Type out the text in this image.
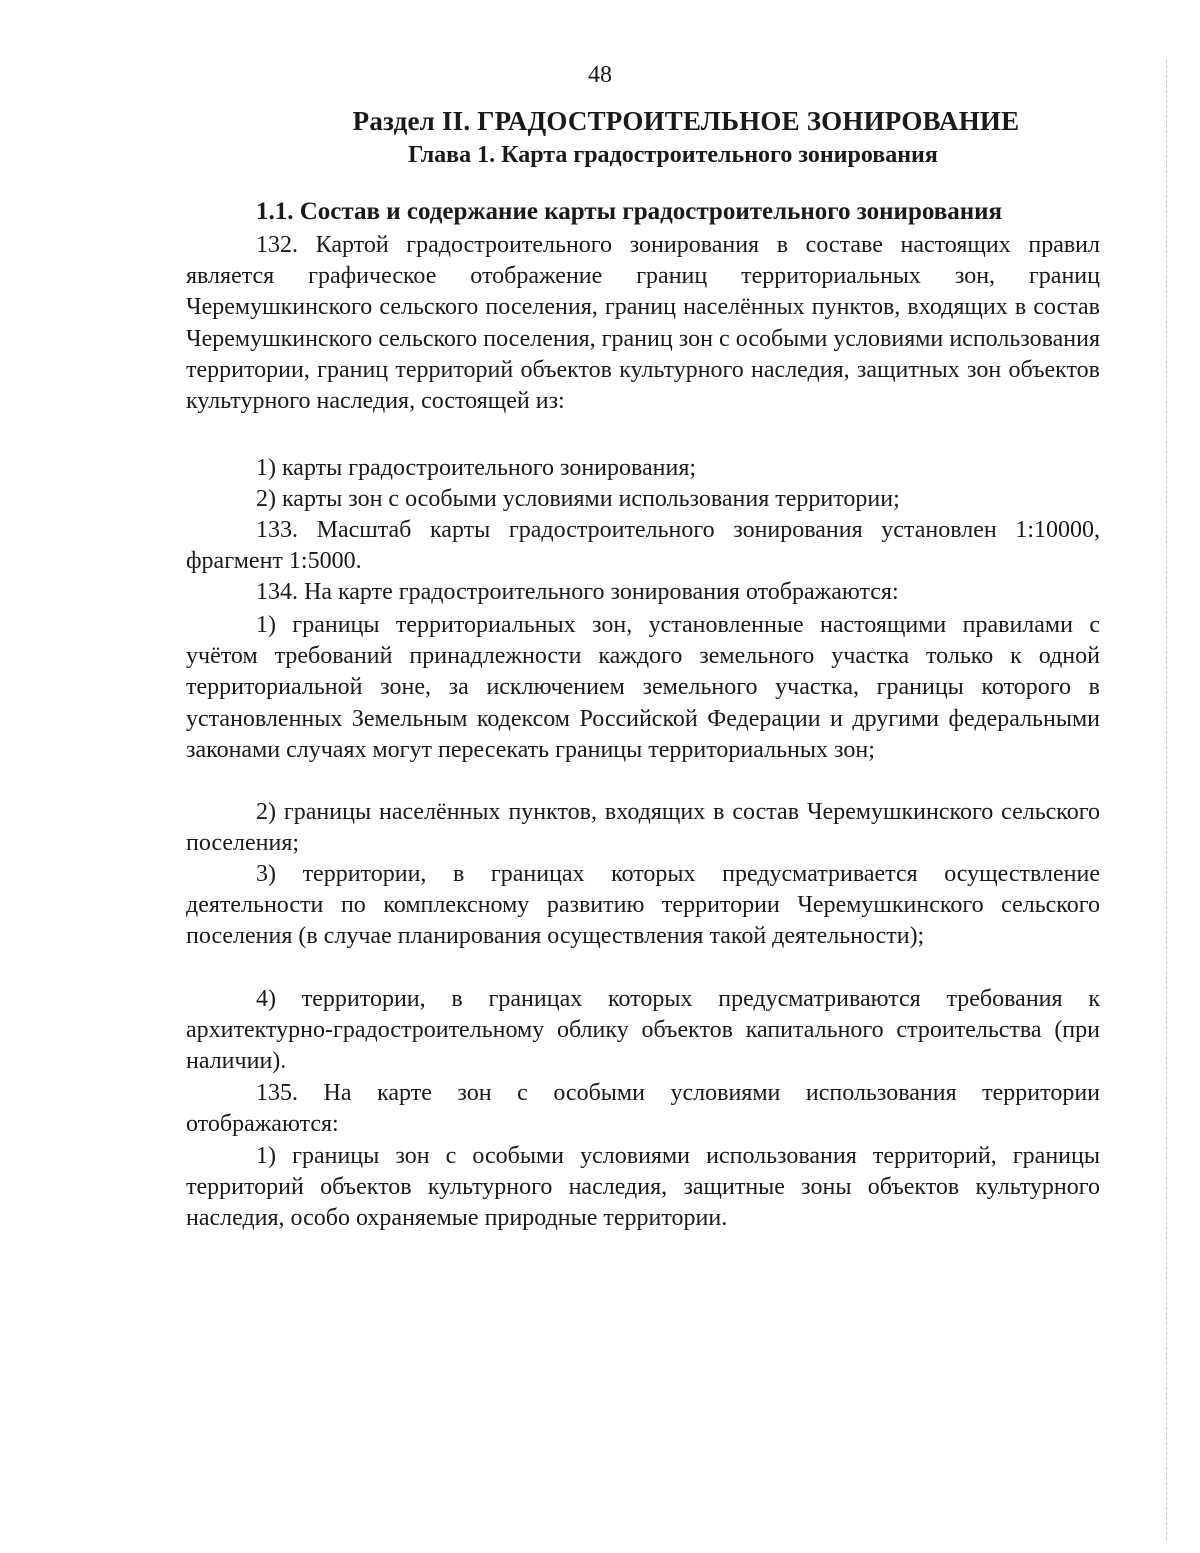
48
Раздел II. ГРАДОСТРОИТЕЛЬНОЕ ЗОНИРОВАНИЕ
Глава 1. Карта градостроительного зонирования
1.1. Состав и содержание карты градостроительного зонирования

132. Картой градостроительного зонирования в составе настоящих правил является графическое отображение границ территориальных зон, границ Черемушкинского сельского поселения, границ населённых пунктов, входящих в состав Черемушкинского сельского поселения, границ зон с особыми условиями использования территории, границ территорий объектов культурного наследия, защитных зон объектов культурного наследия, состоящей из:

1) карты градостроительного зонирования;

2) карты зон с особыми условиями использования территории;

133. Масштаб карты градостроительного зонирования установлен 1:10000, фрагмент 1:5000.

134. На карте градостроительного зонирования отображаются:

1) границы территориальных зон, установленные настоящими правилами с учётом требований принадлежности каждого земельного участка только к одной территориальной зоне, за исключением земельного участка, границы которого в установленных Земельным кодексом Российской Федерации и другими федеральными законами случаях могут пересекать границы территориальных зон;

2) границы населённых пунктов, входящих в состав Черемушкинского сельского поселения;

3) территории, в границах которых предусматривается осуществление деятельности по комплексному развитию территории Черемушкинского сельского поселения (в случае планирования осуществления такой деятельности);

4) территории, в границах которых предусматриваются требования к архитектурно-градостроительному облику объектов капитального строительства (при наличии).

135. На карте зон с особыми условиями использования территории отображаются:

1) границы зон с особыми условиями использования территорий, границы территорий объектов культурного наследия, защитные зоны объектов культурного наследия, особо охраняемые природные территории.
